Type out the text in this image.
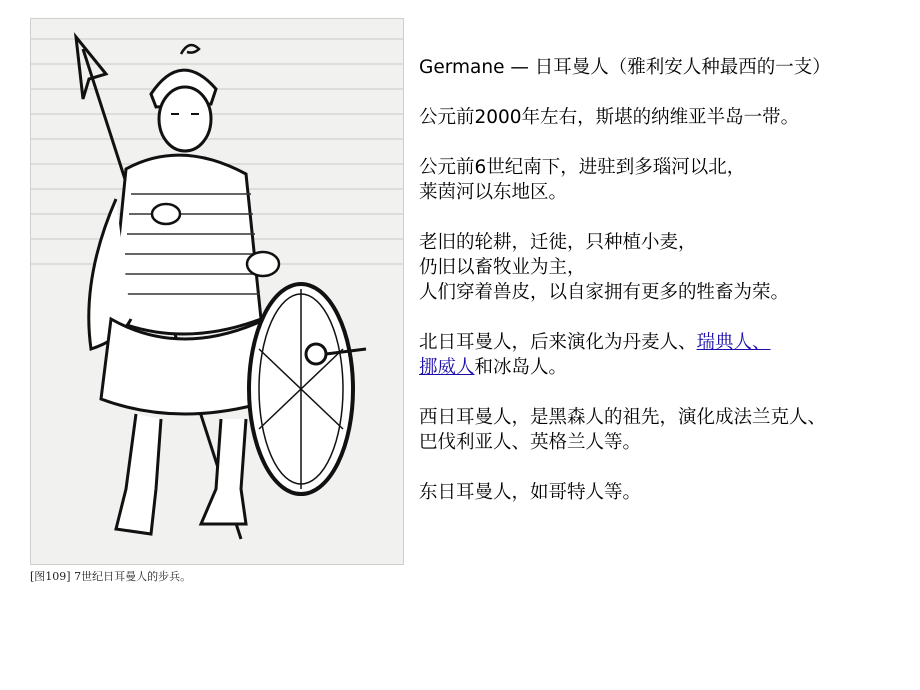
[图109] 7世纪日耳曼人的步兵。

Germane — 日耳曼人（雅利安人种最西的一支）

公元前2000年左右，斯堪的纳维亚半岛一带。

公元前6世纪南下，进驻到多瑙河以北，
莱茵河以东地区。

老旧的轮耕，迁徙，只种植小麦，
仍旧以畜牧业为主，
人们穿着兽皮，以自家拥有更多的牲畜为荣。

北日耳曼人，后来演化为丹麦人、瑞典人、
挪威人和冰岛人。

西日耳曼人，是黑森人的祖先，演化成法兰克人、
巴伐利亚人、英格兰人等。

东日耳曼人，如哥特人等。
